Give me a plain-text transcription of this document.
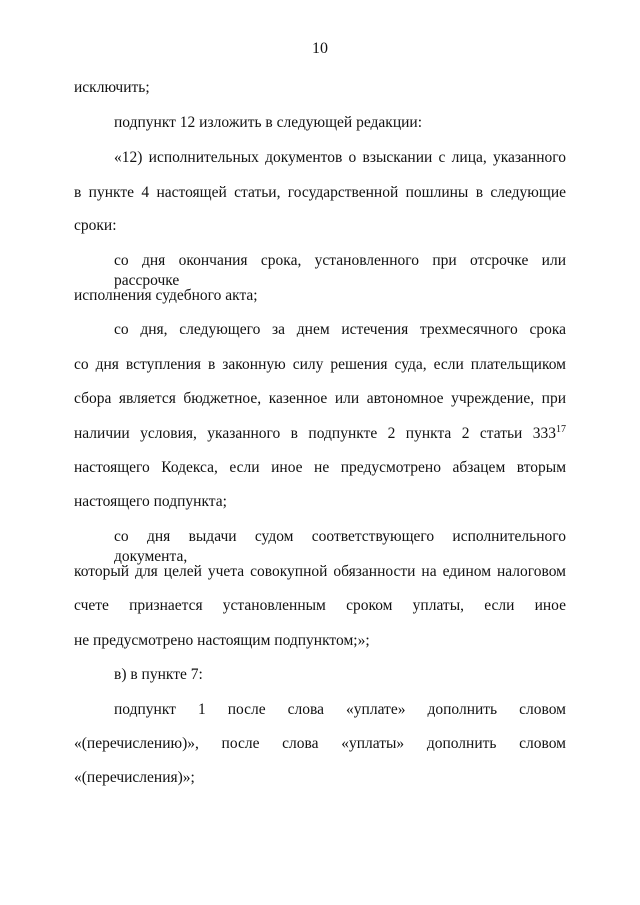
10
исключить;
подпункт 12 изложить в следующей редакции:
«12) исполнительных документов о взыскании с лица, указанного
в пункте 4 настоящей статьи, государственной пошлины в следующие
сроки:
со дня окончания срока, установленного при отсрочке или рассрочке
исполнения судебного акта;
со дня, следующего за днем истечения трехмесячного срока
со дня вступления в законную силу решения суда, если плательщиком
сбора является бюджетное, казенное или автономное учреждение, при
наличии условия, указанного в подпункте 2 пункта 2 статьи $333^{17}$
настоящего Кодекса, если иное не предусмотрено абзацем вторым
настоящего подпункта;
со дня выдачи судом соответствующего исполнительного документа,
который для целей учета совокупной обязанности на едином налоговом
счете признается установленным сроком уплаты, если иное
не предусмотрено настоящим подпунктом;»;
в) в пункте 7:
подпункт 1 после слова «уплате» дополнить словом
«(перечислению)», после слова «уплаты» дополнить словом
«(перечисления)»;
